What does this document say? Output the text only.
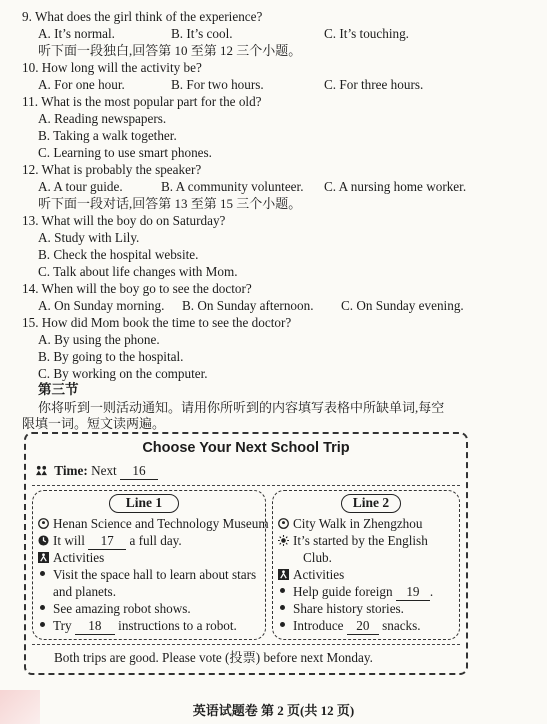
9. What does the girl think of the experience?
A. It’s normal.	B. It’s cool.	C. It’s touching.
听下面一段独白,回答第 10 至第 12 三个小题。
10. How long will the activity be?
A. For one hour.	B. For two hours.	C. For three hours.
11. What is the most popular part for the old?
A. Reading newspapers.
B. Taking a walk together.
C. Learning to use smart phones.
12. What is probably the speaker?
A. A tour guide.	B. A community volunteer. C. A nursing home worker.
听下面一段对话,回答第 13 至第 15 三个小题。
13. What will the boy do on Saturday?
A. Study with Lily.
B. Check the hospital website.
C. Talk about life changes with Mom.
14. When will the boy go to see the doctor?
A. On Sunday morning. B. On Sunday afternoon. C. On Sunday evening.
15. How did Mom book the time to see the doctor?
A. By using the phone.
B. By going to the hospital.
C. By working on the computer.
第三节
你将听到一则活动通知。请用你所听到的内容填写表格中所缺单词,每空
限填一词。短文读两遍。
Choose Your Next School Trip
Time: Next 16
Line 1
Henan Science and Technology Museum
It will 17 a full day.
Activities
Visit the space hall to learn about stars
and planets.
See amazing robot shows.
Try 18 instructions to a robot.
Line 2
City Walk in Zhengzhou
It’s started by the English
Club.
Activities
Help guide foreign 19 .
Share history stories.
Introduce 20 snacks.
Both trips are good. Please vote (投票) before next Monday.
英语试题卷 第 2 页(共 12 页)
